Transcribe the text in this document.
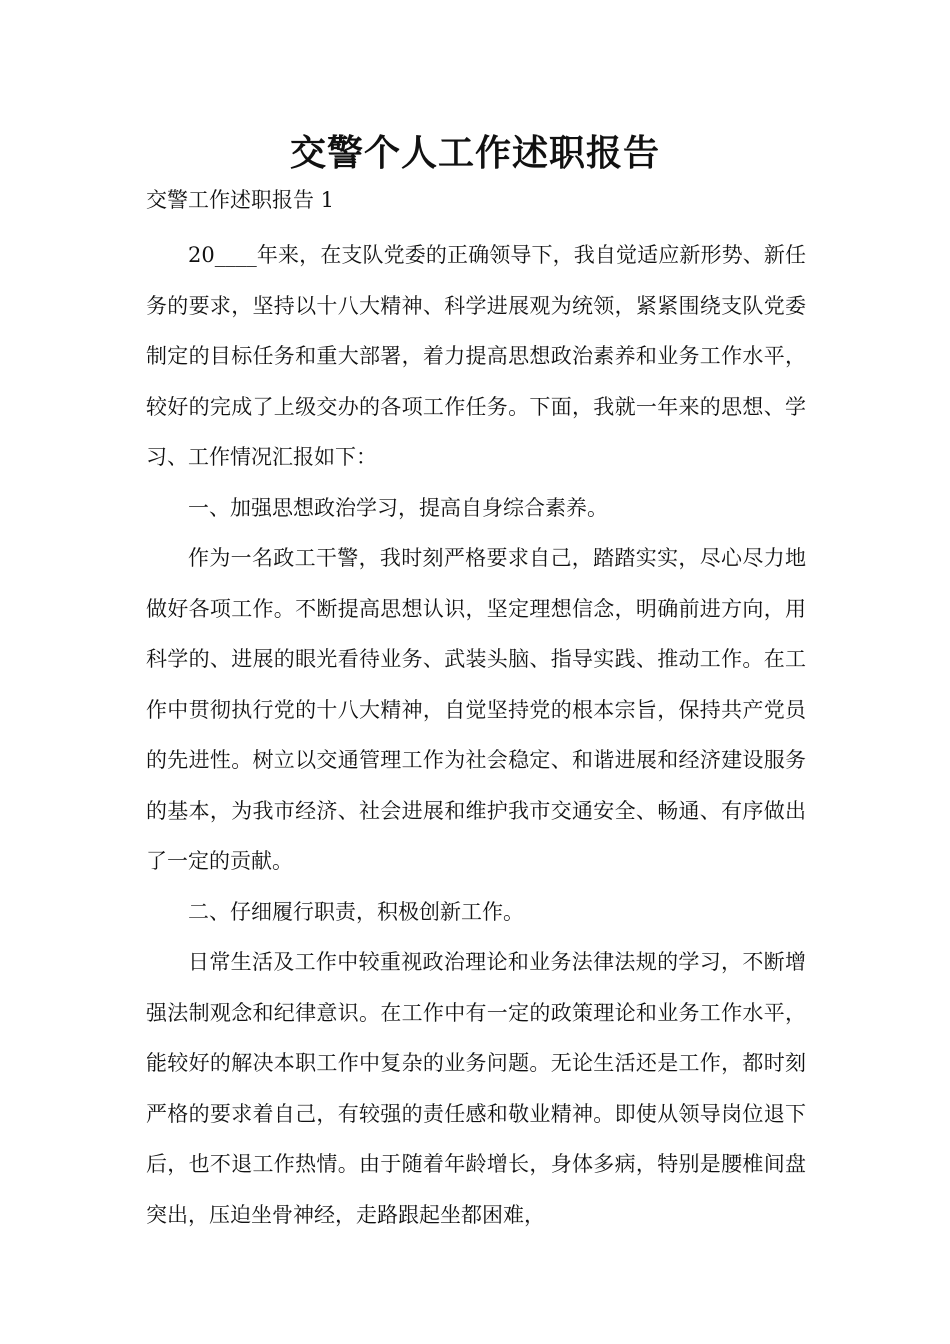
交警个人工作述职报告
交警工作述职报告 1

20____年来，在支队党委的正确领导下，我自觉适应新形势、新任务的要求，坚持以十八大精神、科学进展观为统领，紧紧围绕支队党委制定的目标任务和重大部署，着力提高思想政治素养和业务工作水平，较好的完成了上级交办的各项工作任务。下面，我就一年来的思想、学习、工作情况汇报如下：

一、加强思想政治学习，提高自身综合素养。

作为一名政工干警，我时刻严格要求自己，踏踏实实，尽心尽力地做好各项工作。不断提高思想认识，坚定理想信念，明确前进方向，用科学的、进展的眼光看待业务、武装头脑、指导实践、推动工作。在工作中贯彻执行党的十八大精神，自觉坚持党的根本宗旨，保持共产党员的先进性。树立以交通管理工作为社会稳定、和谐进展和经济建设服务的基本，为我市经济、社会进展和维护我市交通安全、畅通、有序做出了一定的贡献。

二、仔细履行职责，积极创新工作。

日常生活及工作中较重视政治理论和业务法律法规的学习，不断增强法制观念和纪律意识。在工作中有一定的政策理论和业务工作水平，能较好的解决本职工作中复杂的业务问题。无论生活还是工作，都时刻严格的要求着自己，有较强的责任感和敬业精神。即使从领导岗位退下后，也不退工作热情。由于随着年龄增长，身体多病，特别是腰椎间盘突出，压迫坐骨神经，走路跟起坐都困难，
